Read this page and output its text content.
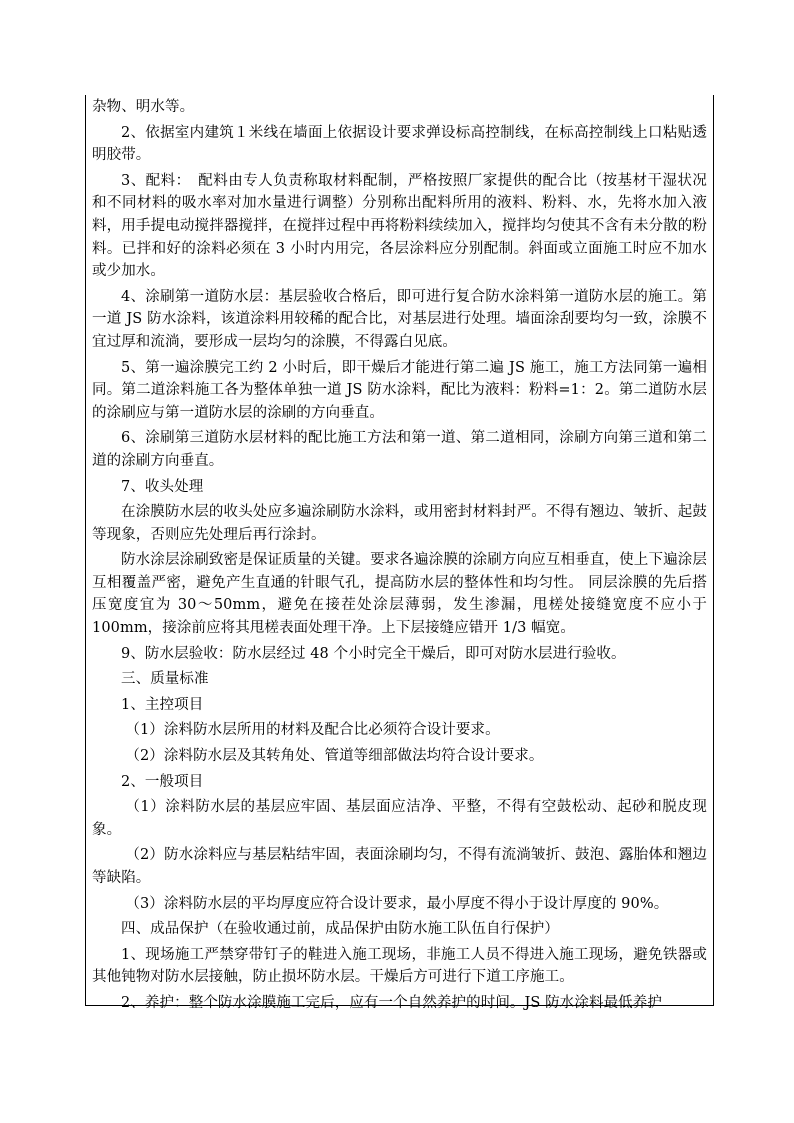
杂物、明水等。
2、依据室内建筑１米线在墙面上依据设计要求弹设标高控制线，在标高控制线上口粘贴透明胶带。
3、配料：　配料由专人负责称取材料配制，严格按照厂家提供的配合比（按基材干湿状况和不同材料的吸水率对加水量进行调整）分别称出配料所用的液料、粉料、水，先将水加入液料，用手提电动搅拌器搅拌，在搅拌过程中再将粉料续续加入，搅拌均匀使其不含有未分散的粉料。已拌和好的涂料必须在 3 小时内用完，各层涂料应分别配制。斜面或立面施工时应不加水或少加水。
4、涂刷第一道防水层：基层验收合格后，即可进行复合防水涂料第一道防水层的施工。第一道 JS 防水涂料，该道涂料用较稀的配合比，对基层进行处理。墙面涂刮要均匀一致，涂膜不宜过厚和流淌，要形成一层均匀的涂膜，不得露白见底。
5、第一遍涂膜完工约 2 小时后，即干燥后才能进行第二遍 JS 施工，施工方法同第一遍相同。第二道涂料施工各为整体单独一道 JS 防水涂料，配比为液料：粉料=1：2。第二道防水层的涂刷应与第一道防水层的涂刷的方向垂直。
6、涂刷第三道防水层材料的配比施工方法和第一道、第二道相同，涂刷方向第三道和第二道的涂刷方向垂直。
7、收头处理
在涂膜防水层的收头处应多遍涂刷防水涂料，或用密封材料封严。不得有翘边、皱折、起鼓等现象，否则应先处理后再行涂封。
防水涂层涂刷致密是保证质量的关键。要求各遍涂膜的涂刷方向应互相垂直，使上下遍涂层互相覆盖严密，避免产生直通的针眼气孔，提高防水层的整体性和均匀性。 同层涂膜的先后搭压宽度宜为 30～50mm，避免在接茬处涂层薄弱，发生渗漏，甩槎处接缝宽度不应小于 100mm，接涂前应将其甩槎表面处理干净。上下层接缝应错开 1/3 幅宽。
9、防水层验收：防水层经过 48 个小时完全干燥后，即可对防水层进行验收。
三、质量标准
1、主控项目
（1）涂料防水层所用的材料及配合比必须符合设计要求。
（2）涂料防水层及其转角处、管道等细部做法均符合设计要求。
2、一般项目
（1）涂料防水层的基层应牢固、基层面应洁净、平整，不得有空鼓松动、起砂和脱皮现象。
（2）防水涂料应与基层粘结牢固，表面涂刷均匀，不得有流淌皱折、鼓泡、露胎体和翘边等缺陷。
（3）涂料防水层的平均厚度应符合设计要求，最小厚度不得小于设计厚度的 90%。
四、成品保护（在验收通过前，成品保护由防水施工队伍自行保护）
1、现场施工严禁穿带钉子的鞋进入施工现场，非施工人员不得进入施工现场，避免铁器或其他钝物对防水层接触，防止损坏防水层。干燥后方可进行下道工序施工。
2、养护：整个防水涂膜施工完后，应有一个自然养护的时间。JS 防水涂料最低养护
